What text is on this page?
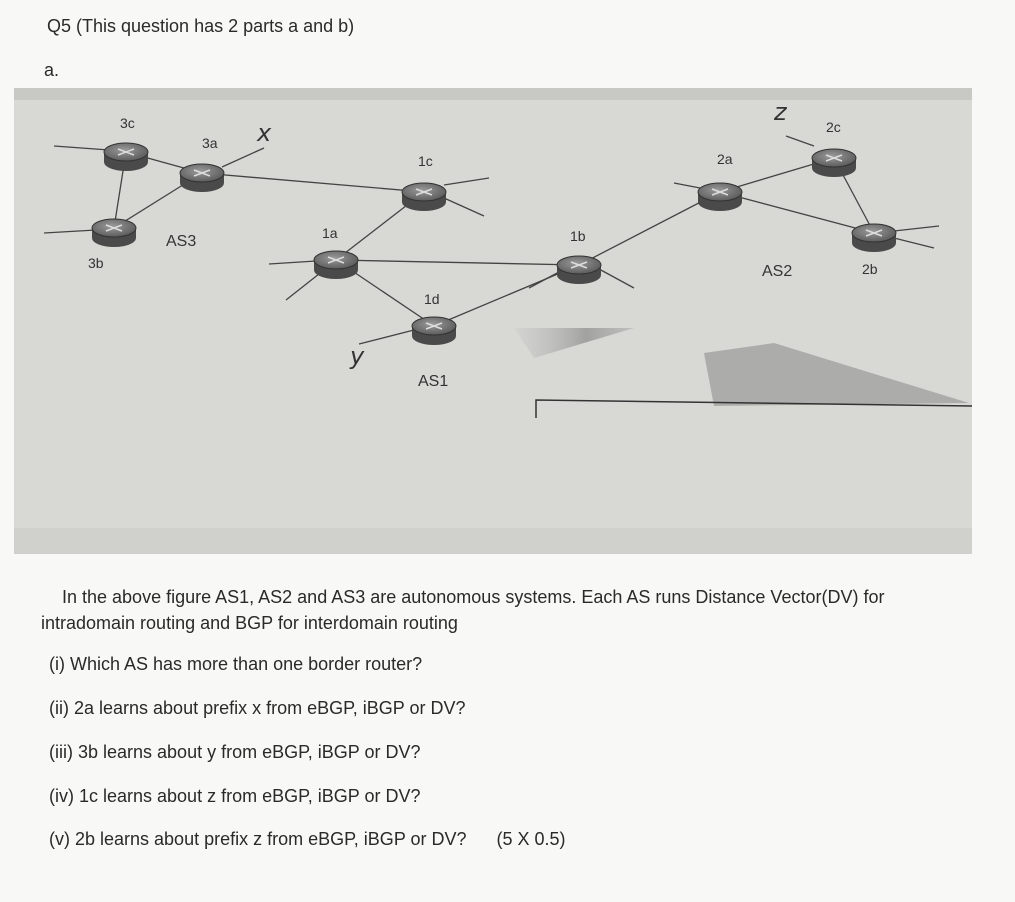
Q5 (This question has 2 parts a and b)
a.
3c
3a
3b
1c
1a	1b
1d
2a
2c
2b
AS3
AS1
AS2
x
y
z
In the above figure AS1, AS2 and AS3 are autonomous systems. Each AS runs Distance Vector(DV) for intradomain routing and BGP for interdomain routing
(i) Which AS has more than one border router?
(ii) 2a learns about prefix x from eBGP, iBGP or DV?
(iii) 3b learns about y from eBGP, iBGP or DV?
(iv) 1c learns about z from eBGP, iBGP or DV?
(v) 2b learns about prefix z from eBGP, iBGP or DV? (5 X 0.5)
